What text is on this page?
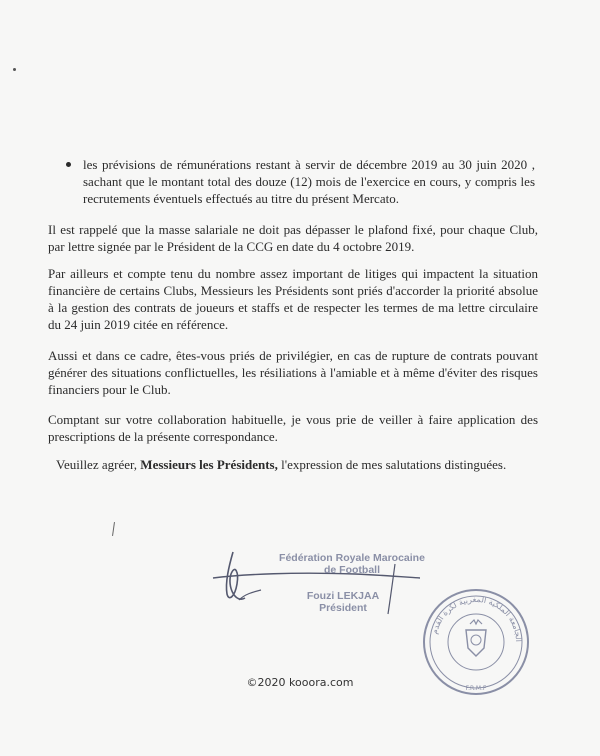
les prévisions de rémunérations restant à servir de décembre 2019 au 30 juin 2020 , sachant que le montant total des douze (12) mois de l'exercice en cours, y compris les recrutements éventuels effectués au titre du présent Mercato.

Il est rappelé que la masse salariale ne doit pas dépasser le plafond fixé, pour chaque Club, par lettre signée par le Président de la CCG en date du 4 octobre 2019.

Par ailleurs et compte tenu du nombre assez important de litiges qui impactent la situation financière de certains Clubs, Messieurs les Présidents sont priés d'accorder la priorité absolue à la gestion des contrats de joueurs et staffs et de respecter les termes de ma lettre circulaire du 24 juin 2019 citée en référence.

Aussi et dans ce cadre, êtes-vous priés de privilégier, en cas de rupture de contrats pouvant générer des situations conflictuelles, les résiliations à l'amiable et à même d'éviter des risques financiers pour le Club.

Comptant sur votre collaboration habituelle, je vous prie de veiller à faire application des prescriptions de la présente correspondance.

Veuillez agréer, Messieurs les Présidents, l'expression de mes salutations distinguées.

Fédération Royale Marocaine
de Football
Fouzi LEKJAA
Président
الجامعة الملكية المغربية لكرة القدم
F.R.M.F
©2020 kooora.com
